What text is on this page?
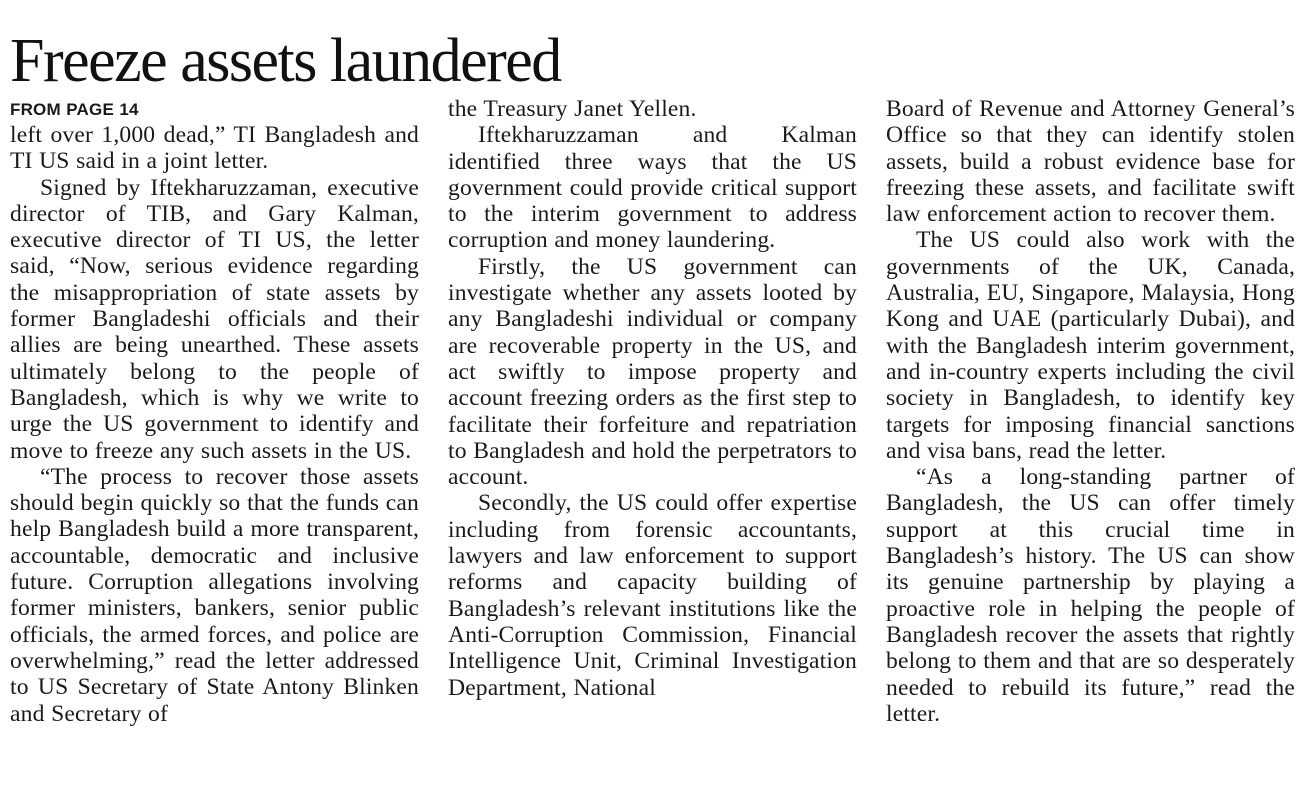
Freeze assets laundered
FROM PAGE 14

left over 1,000 dead,” TI Bangladesh and TI US said in a joint letter.

Signed by Iftekharuzzaman, executive director of TIB, and Gary Kalman, executive director of TI US, the letter said, “Now, serious evidence regarding the misappropriation of state assets by former Bangladeshi officials and their allies are being unearthed. These assets ultimately belong to the people of Bangladesh, which is why we write to urge the US government to identify and move to freeze any such assets in the US.

“The process to recover those assets should begin quickly so that the funds can help Bangladesh build a more transparent, accountable, democratic and inclusive future. Corruption allegations involving former ministers, bankers, senior public officials, the armed forces, and police are overwhelming,” read the letter addressed to US Secretary of State Antony Blinken and Secretary of

the Treasury Janet Yellen.

Iftekharuzzaman and Kalman identified three ways that the US government could provide critical support to the interim government to address corruption and money laundering.

Firstly, the US government can investigate whether any assets looted by any Bangladeshi individual or company are recoverable property in the US, and act swiftly to impose property and account freezing orders as the first step to facilitate their forfeiture and repatriation to Bangladesh and hold the perpetrators to account.

Secondly, the US could offer expertise including from forensic accountants, lawyers and law enforcement to support reforms and capacity building of Bangladesh’s relevant institutions like the Anti-Corruption Commission, Financial Intelligence Unit, Criminal Investigation Department, National

Board of Revenue and Attorney General’s Office so that they can identify stolen assets, build a robust evidence base for freezing these assets, and facilitate swift law enforcement action to recover them.

The US could also work with the governments of the UK, Canada, Australia, EU, Singapore, Malaysia, Hong Kong and UAE (particularly Dubai), and with the Bangladesh interim government, and in-country experts including the civil society in Bangladesh, to identify key targets for imposing financial sanctions and visa bans, read the letter.

“As a long-standing partner of Bangladesh, the US can offer timely support at this crucial time in Bangladesh’s history. The US can show its genuine partnership by playing a proactive role in helping the people of Bangladesh recover the assets that rightly belong to them and that are so desperately needed to rebuild its future,” read the letter.
